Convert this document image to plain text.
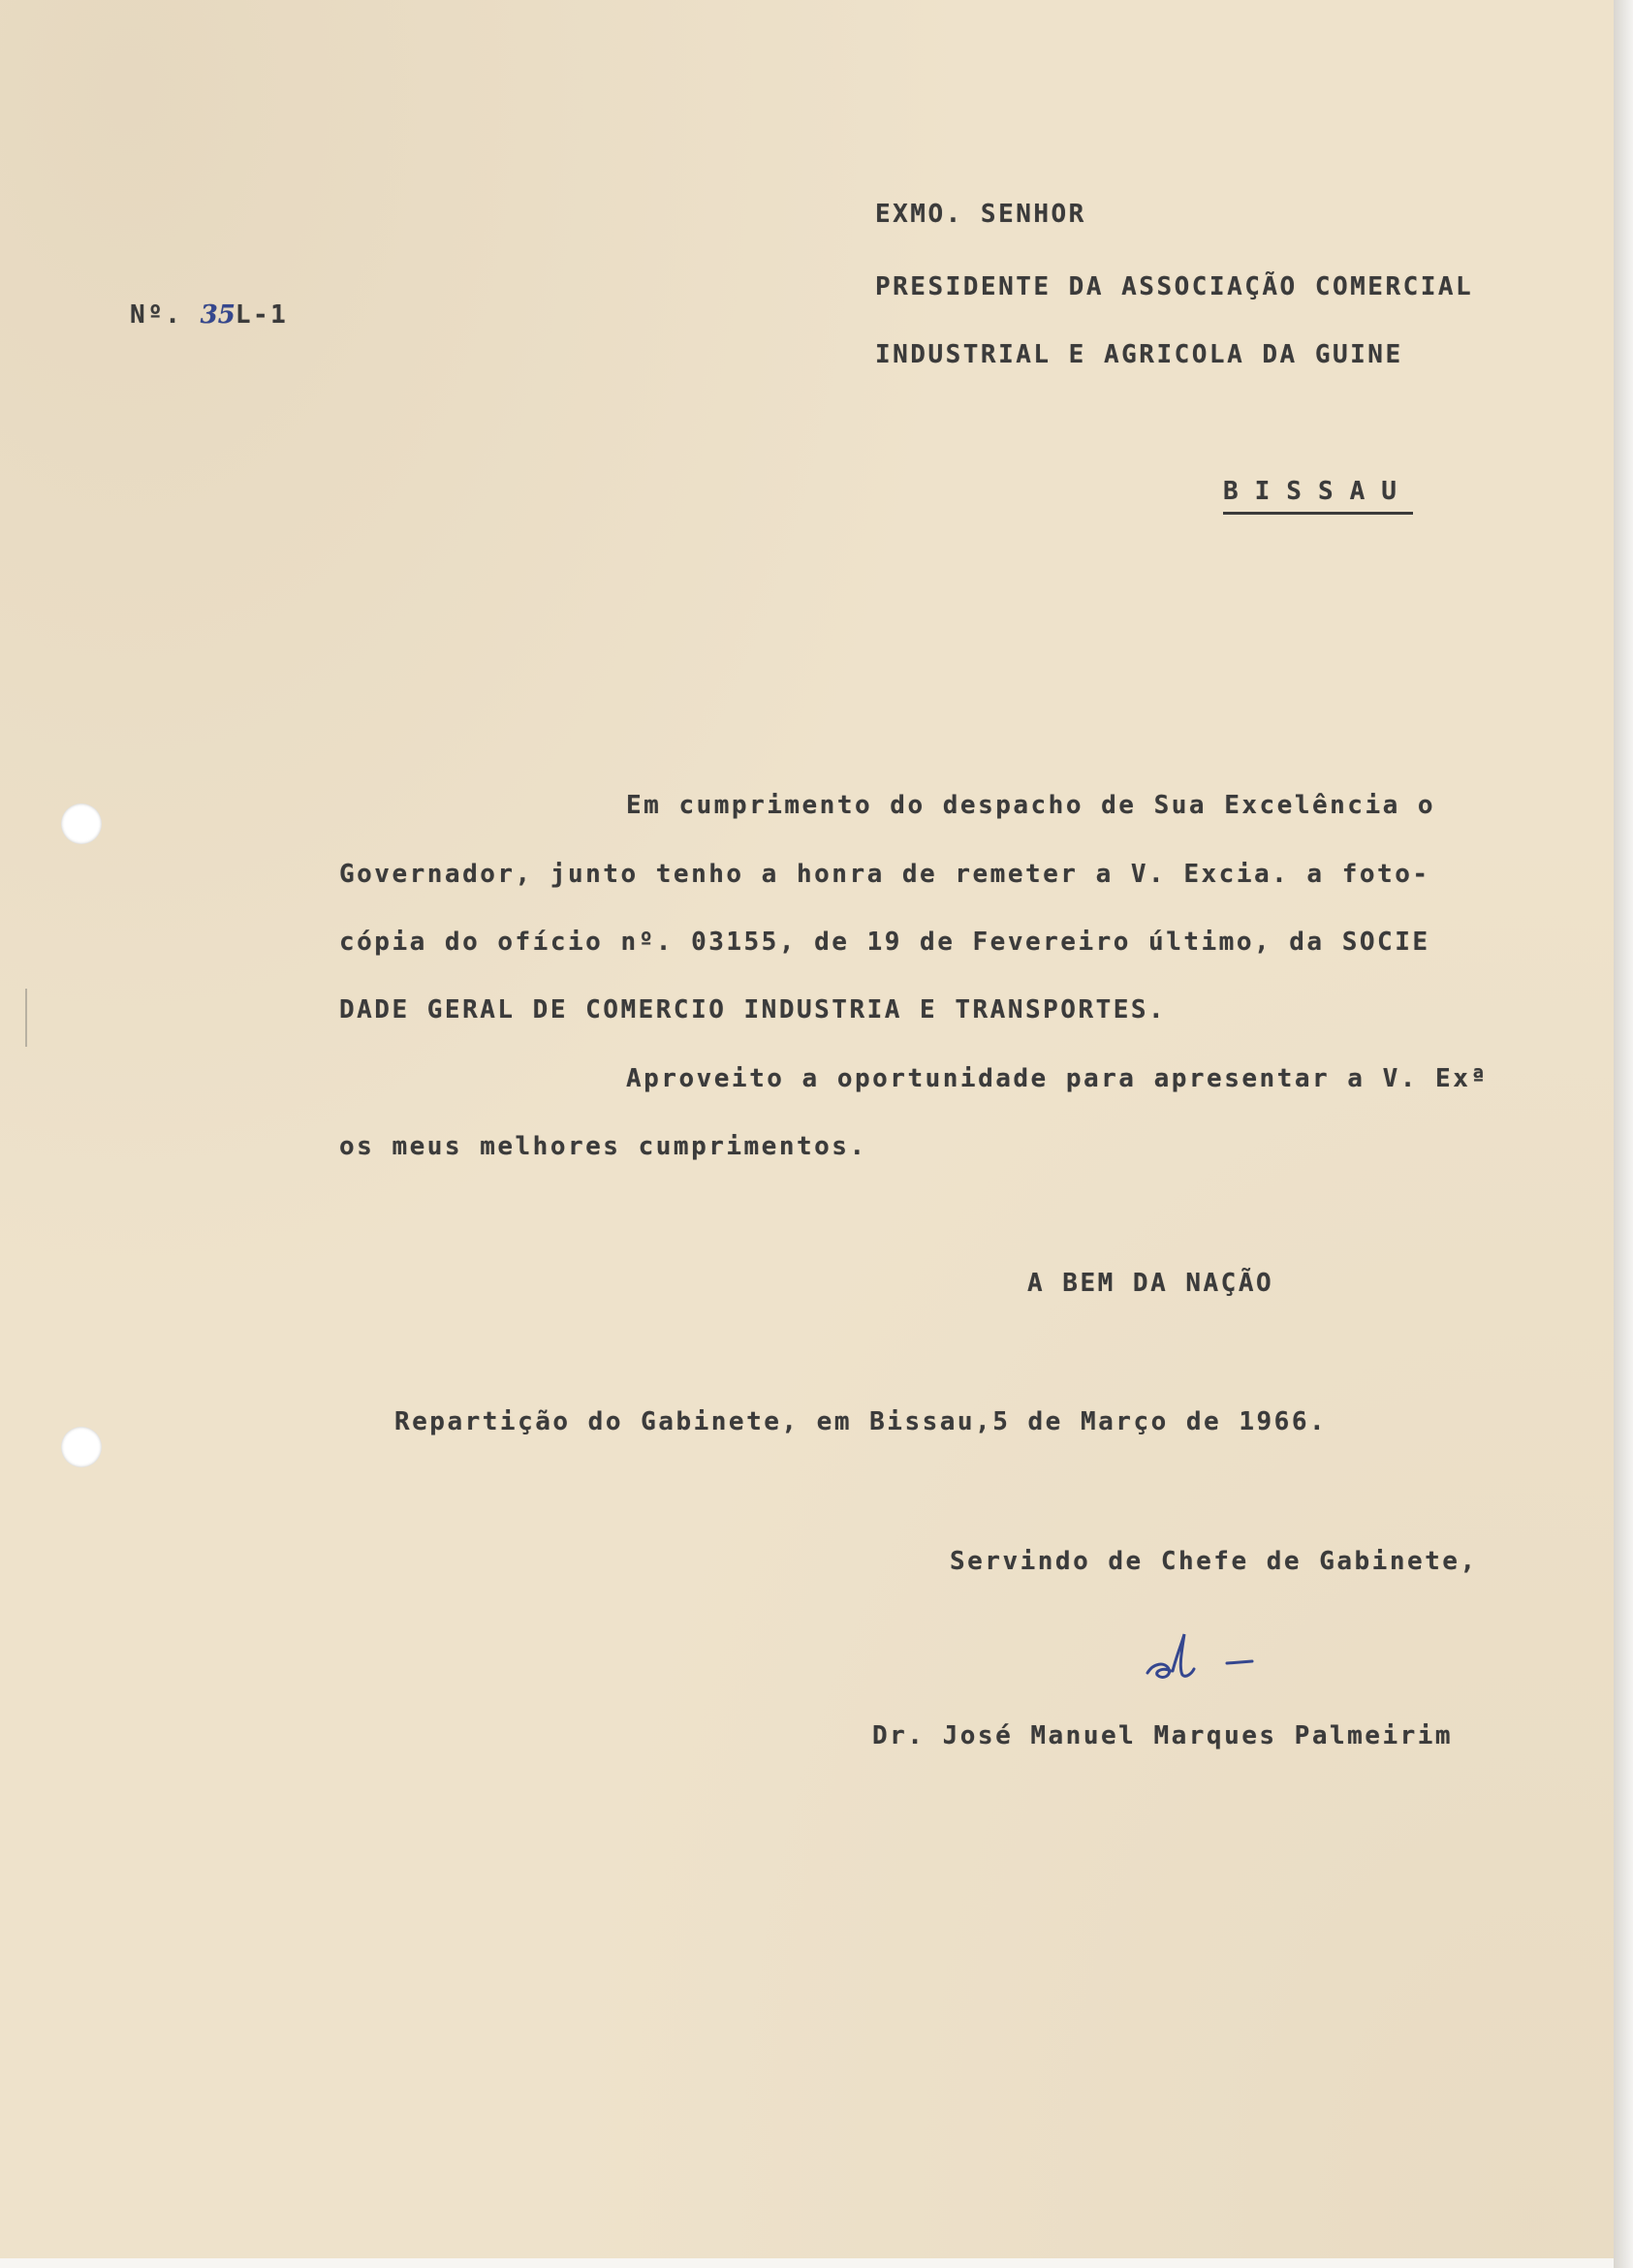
Nº. 35L-1
EXMO. SENHOR
PRESIDENTE DA ASSOCIAÇÃO COMERCIAL
INDUSTRIAL E AGRICOLA DA GUINE
BISSAU
Em cumprimento do despacho de Sua Excelência o
Governador, junto tenho a honra de remeter a V. Excia. a foto-
cópia do ofício nº. 03155, de 19 de Fevereiro último, da SOCIE
DADE GERAL DE COMERCIO INDUSTRIA E TRANSPORTES.
Aproveito a oportunidade para apresentar a V. Exª
os meus melhores cumprimentos.
A BEM DA NAÇÃO
Repartição do Gabinete, em Bissau,5 de Março de 1966.
Servindo de Chefe de Gabinete,
Dr. José Manuel Marques Palmeirim
